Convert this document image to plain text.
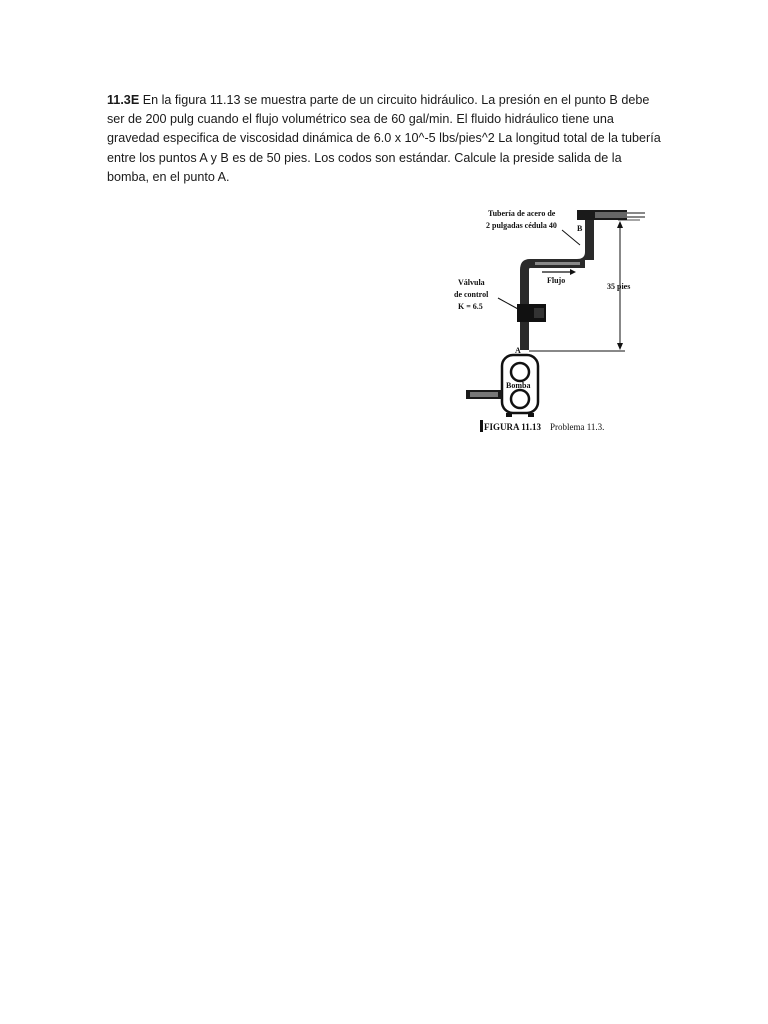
11.3E En la figura 11.13 se muestra parte de un circuito hidráulico. La presión en el punto B debe ser de 200 pulg cuando el flujo volumétrico sea de 60 gal/min. El fluido hidráulico tiene una gravedad especifica de viscosidad dinámica de 6.0 x 10^-5 lbs/pies^2 La longitud total de la tubería entre los puntos A y B es de 50 pies. Los codos son estándar. Calcule la preside salida de la bomba, en el punto A.

Tubería de acero de
2 pulgadas cédula 40	B
Flujo
Válvula
de control
K = 6.5
A
35 pies
Bomba
FIGURA 11.13 Problema 11.3.
